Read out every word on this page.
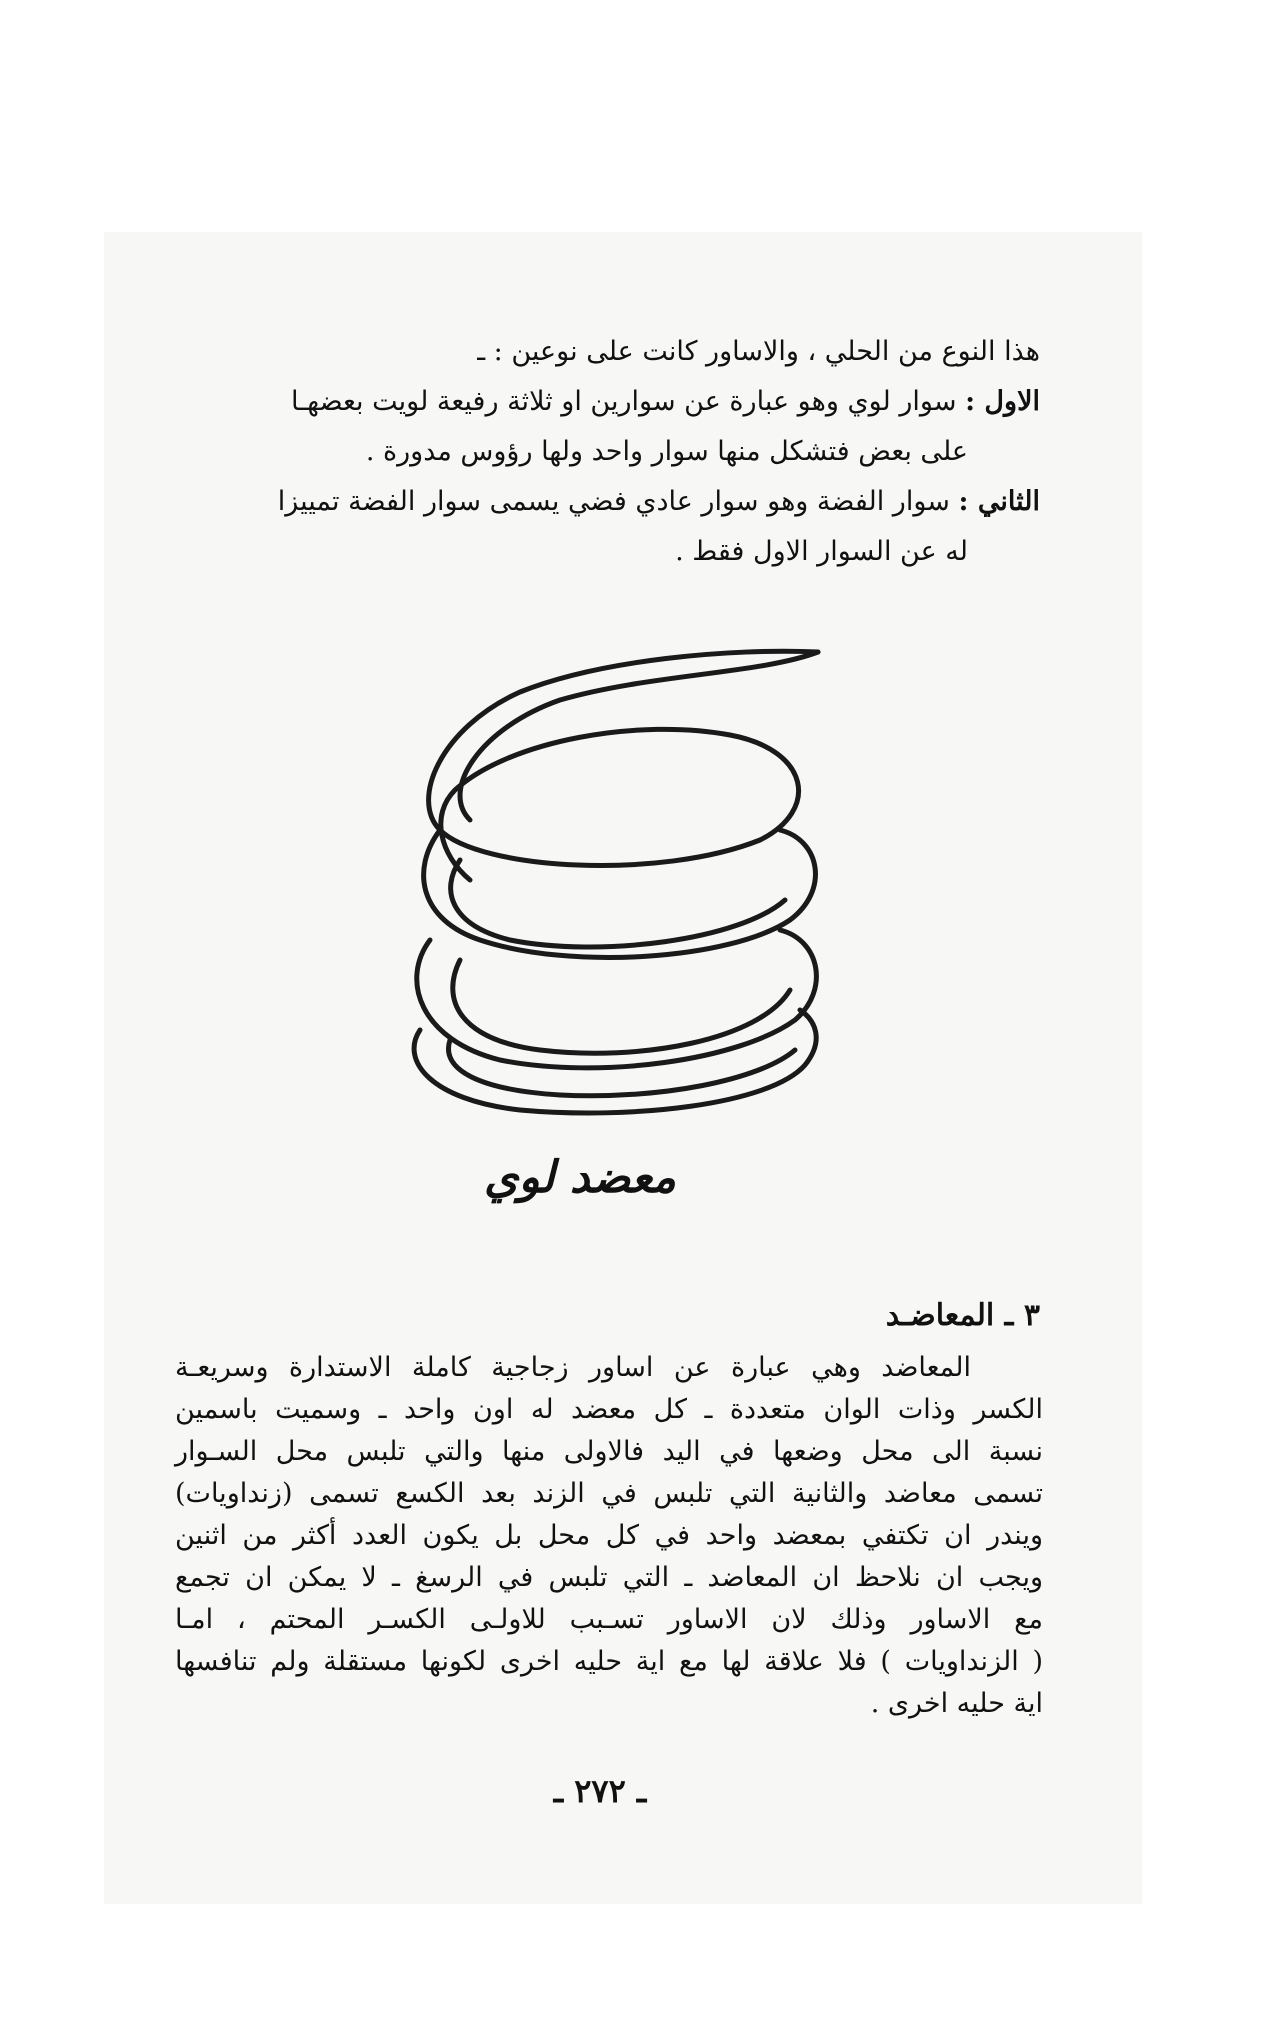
هذا النوع من الحلي ، والاساور كانت على نوعين : ـ
الاول : سوار لوي وهو عبارة عن سوارين او ثلاثة رفيعة لويت بعضهـا
على بعض فتشكل منها سوار واحد ولها رؤوس مدورة .
الثاني : سوار الفضة وهو سوار عادي فضي يسمى سوار الفضة تمييزا
له عن السوار الاول فقط .
معضد لوي
٣ ـ المعاضـد
المعاضد وهي عبارة عن اساور زجاجية كاملة الاستدارة وسريعـة
الكسر وذات الوان متعددة ـ كل معضد له اون واحد ـ وسميت باسمين
نسبة الى محل وضعها في اليد فالاولى منها والتي تلبس محل السـوار
تسمى معاضد والثانية التي تلبس في الزند بعد الكسع تسمى (زنداويات)
ويندر ان تكتفي بمعضد واحد في كل محل بل يكون العدد أكثر من اثنين
ويجب ان نلاحظ ان المعاضد ـ التي تلبس في الرسغ ـ لا يمكن ان تجمع
مع الاساور وذلك لان الاساور تسـبب للاولـى الكسـر المحتم ، امـا
( الزنداويات ) فلا علاقة لها مع اية حليه اخرى لكونها مستقلة ولم تنافسها
اية حليه اخرى .
ـ ٢٧٢ ـ
